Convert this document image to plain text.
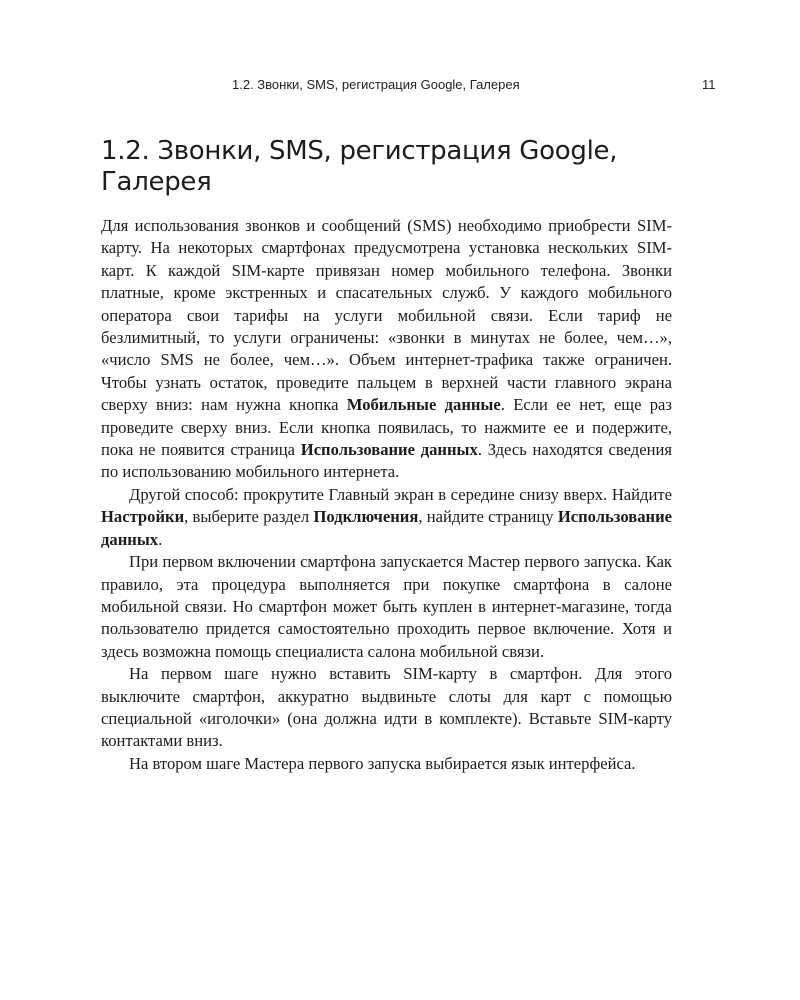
1.2. Звонки, SMS, регистрация Google, Галерея	11
1.2. Звонки, SMS, регистрация Google, Галерея

Для использования звонков и сообщений (SMS) необходимо приобрести SIM-карту. На некоторых смартфонах предусмотрена установка нескольких SIM-карт. К каждой SIM-карте привязан номер мобильного телефона. Звонки платные, кроме экстренных и спасательных служб. У каждого мобильного оператора свои тарифы на услуги мобильной связи. Если тариф не безлимитный, то услуги ограничены: «звонки в минутах не более, чем…», «число SMS не более, чем…». Объем интернет-трафика также ограничен. Чтобы узнать остаток, проведите пальцем в верхней части главного экрана сверху вниз: нам нужна кнопка Мобильные данные. Если ее нет, еще раз проведите сверху вниз. Если кнопка появилась, то нажмите ее и подержите, пока не появится страница Использование данных. Здесь находятся сведения по использованию мобильного интернета.

Другой способ: прокрутите Главный экран в середине снизу вверх. Найдите Настройки, выберите раздел Подключения, найдите страницу Использование данных.

При первом включении смартфона запускается Мастер первого запуска. Как правило, эта процедура выполняется при покупке смартфона в салоне мобильной связи. Но смартфон может быть куплен в интернет-магазине, тогда пользователю придется самостоятельно проходить первое включение. Хотя и здесь возможна помощь специалиста салона мобильной связи.

На первом шаге нужно вставить SIM-карту в смартфон. Для этого выключите смартфон, аккуратно выдвиньте слоты для карт с помощью специальной «иголочки» (она должна идти в комплекте). Вставьте SIM-карту контактами вниз.

На втором шаге Мастера первого запуска выбирается язык интерфейса.
